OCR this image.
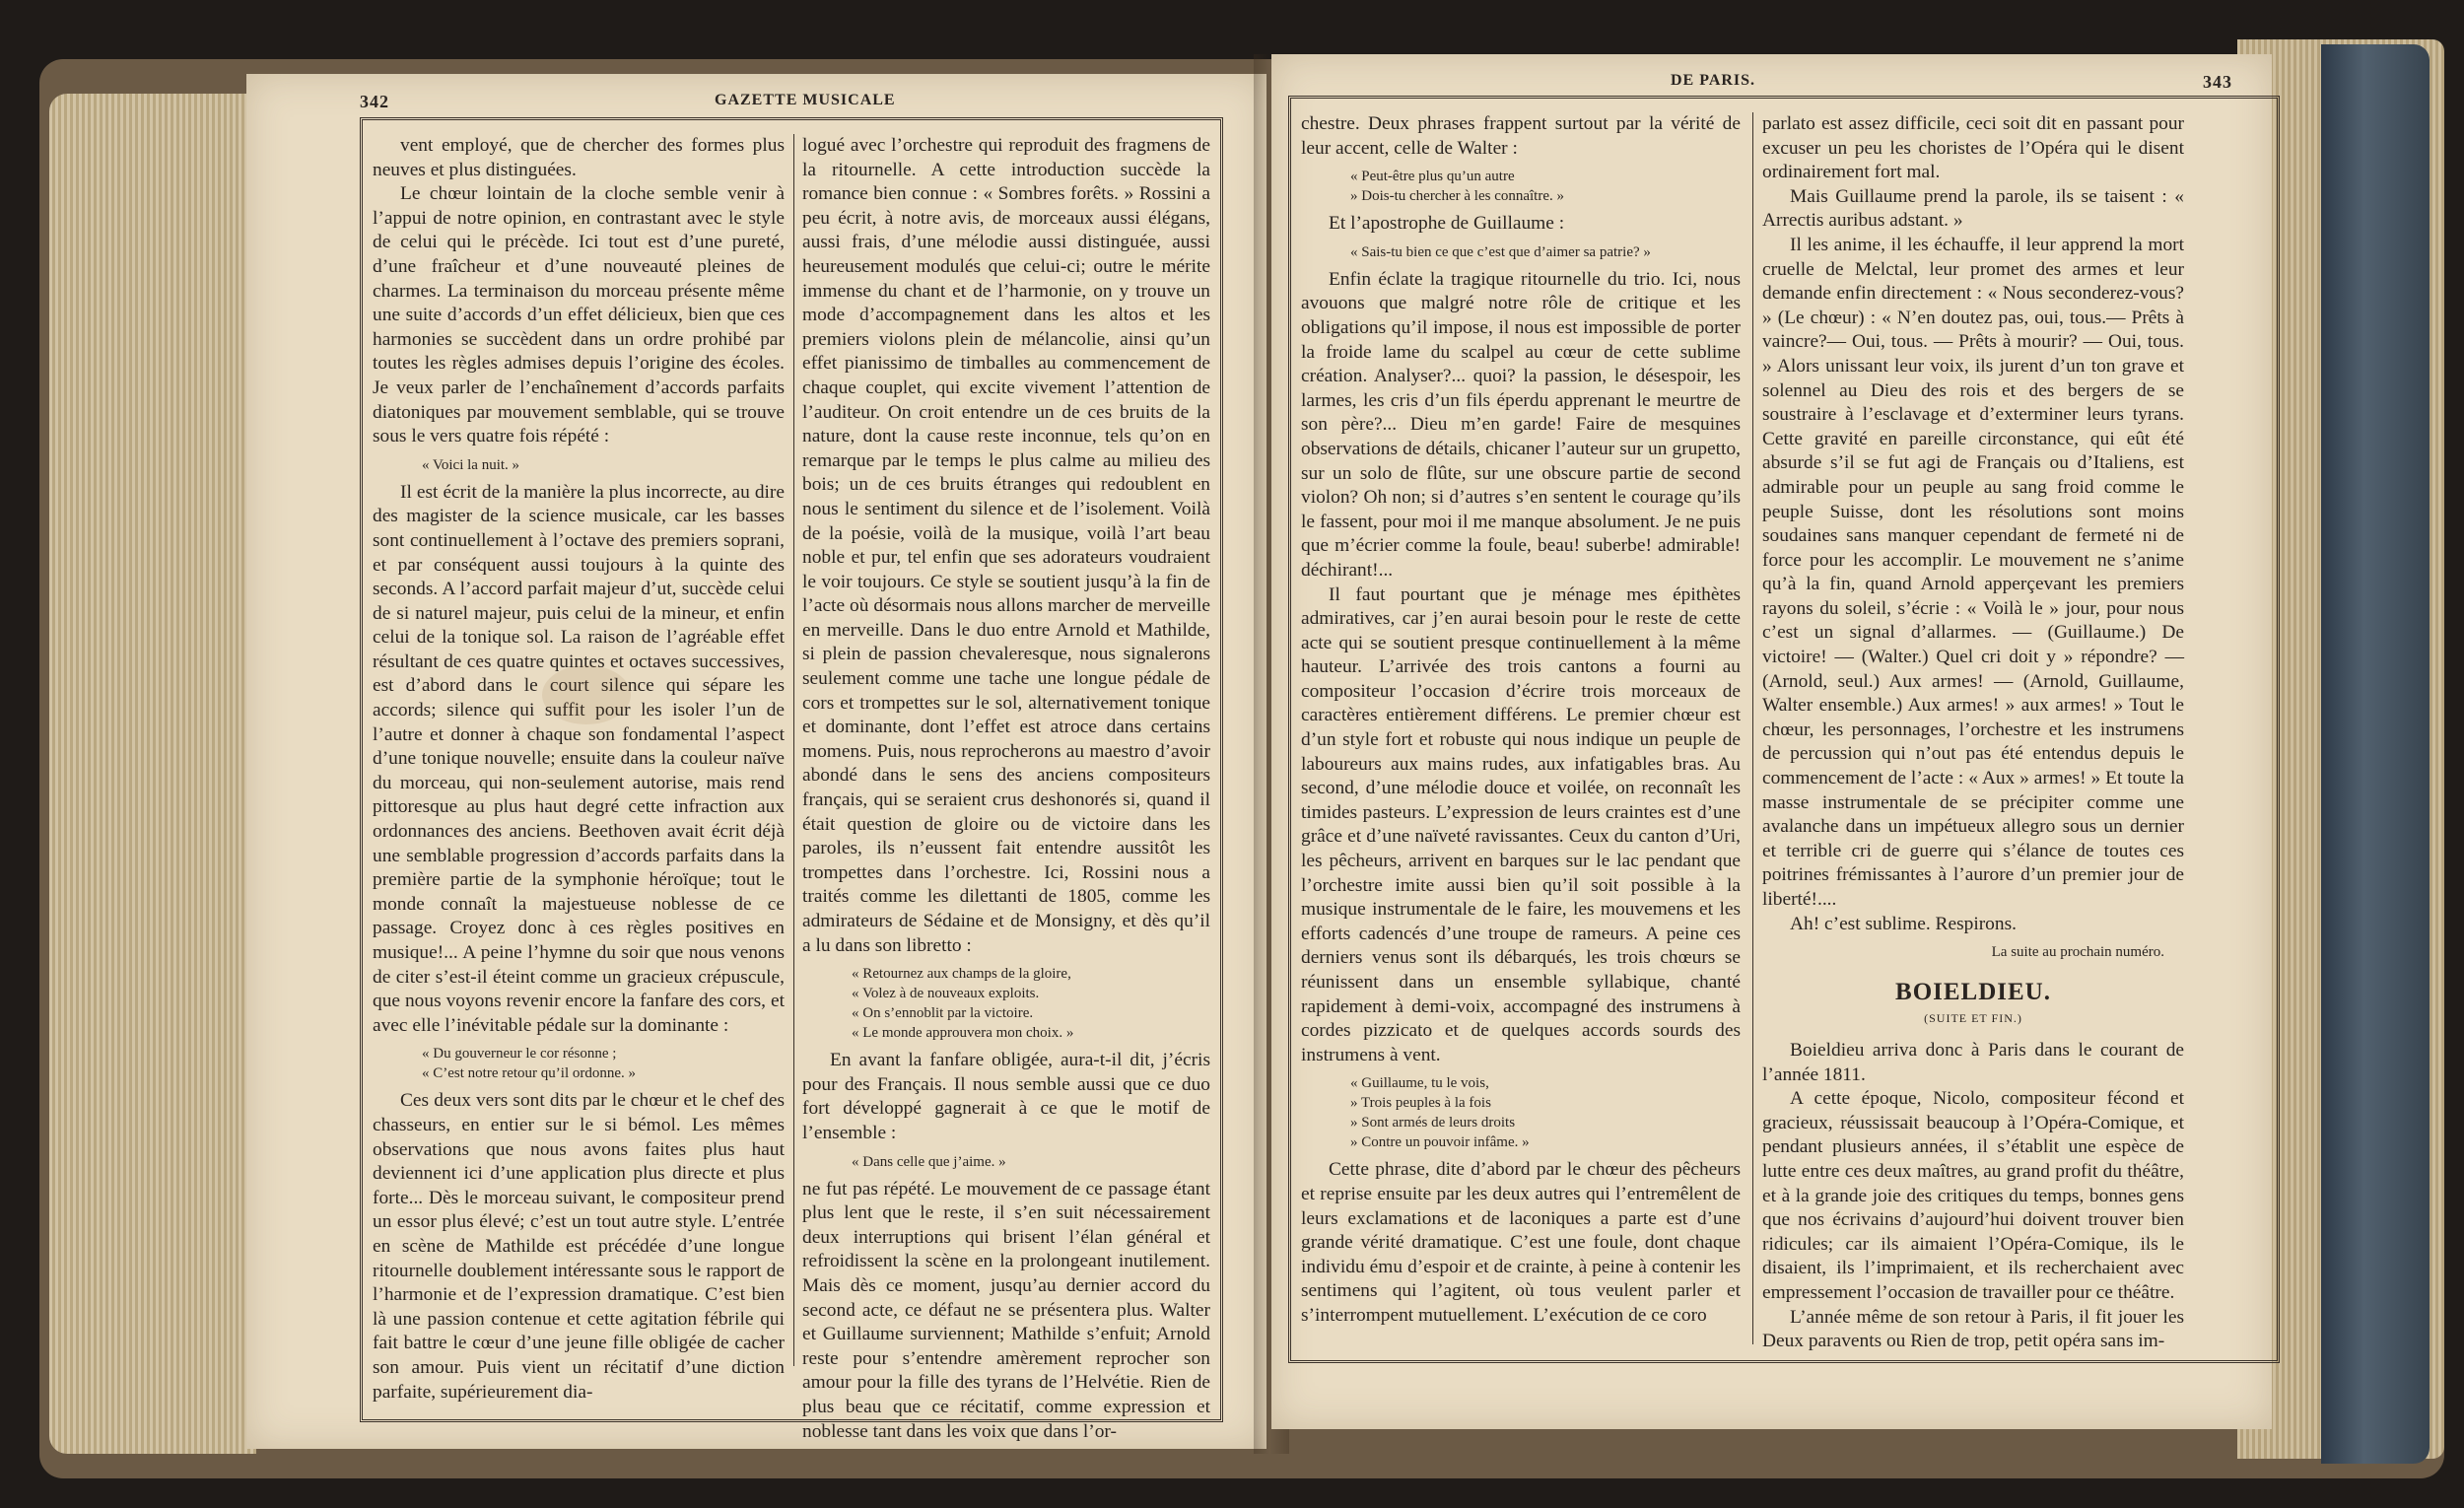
342	GAZETTE MUSICALE

vent employé, que de chercher des formes plus neuves et plus distinguées.

Le chœur lointain de la cloche semble venir à l’appui de notre opinion, en contrastant avec le style de celui qui le précède. Ici tout est d’une pureté, d’une fraîcheur et d’une nouveauté pleines de charmes. La terminaison du morceau présente même une suite d’accords d’un effet délicieux, bien que ces harmonies se succèdent dans un ordre prohibé par toutes les règles admises depuis l’origine des écoles. Je veux parler de l’enchaînement d’accords parfaits diatoniques par mouvement semblable, qui se trouve sous le vers quatre fois répété :

« Voici la nuit. »

Il est écrit de la manière la plus incorrecte, au dire des magister de la science musicale, car les basses sont continuellement à l’octave des premiers soprani, et par conséquent aussi toujours à la quinte des seconds. A l’accord parfait majeur d’ut, succède celui de si naturel majeur, puis celui de la mineur, et enfin celui de la tonique sol. La raison de l’agréable effet résultant de ces quatre quintes et octaves successives, est d’abord dans le court silence qui sépare les accords; silence qui suffit pour les isoler l’un de l’autre et donner à chaque son fondamental l’aspect d’une tonique nouvelle; ensuite dans la couleur naïve du morceau, qui non-seulement autorise, mais rend pittoresque au plus haut degré cette infraction aux ordonnances des anciens. Beethoven avait écrit déjà une semblable progression d’accords parfaits dans la première partie de la symphonie héroïque; tout le monde connaît la majestueuse noblesse de ce passage. Croyez donc à ces règles positives en musique!... A peine l’hymne du soir que nous venons de citer s’est-il éteint comme un gracieux crépuscule, que nous voyons revenir encore la fanfare des cors, et avec elle l’inévitable pédale sur la dominante :

« Du gouverneur le cor résonne ;
« C’est notre retour qu’il ordonne. »

Ces deux vers sont dits par le chœur et le chef des chasseurs, en entier sur le si bémol. Les mêmes observations que nous avons faites plus haut deviennent ici d’une application plus directe et plus forte... Dès le morceau suivant, le compositeur prend un essor plus élevé; c’est un tout autre style. L’entrée en scène de Mathilde est précédée d’une longue ritournelle doublement intéressante sous le rapport de l’harmonie et de l’expression dramatique. C’est bien là une passion contenue et cette agitation fébrile qui fait battre le cœur d’une jeune fille obligée de cacher son amour. Puis vient un récitatif d’une diction parfaite, supérieurement dia-

logué avec l’orchestre qui reproduit des fragmens de la ritournelle. A cette introduction succède la romance bien connue : « Sombres forêts. » Rossini a peu écrit, à notre avis, de morceaux aussi élégans, aussi frais, d’une mélodie aussi distinguée, aussi heureusement modulés que celui-ci; outre le mérite immense du chant et de l’harmonie, on y trouve un mode d’accompagnement dans les altos et les premiers violons plein de mélancolie, ainsi qu’un effet pianissimo de timballes au commencement de chaque couplet, qui excite vivement l’attention de l’auditeur. On croit entendre un de ces bruits de la nature, dont la cause reste inconnue, tels qu’on en remarque par le temps le plus calme au milieu des bois; un de ces bruits étranges qui redoublent en nous le sentiment du silence et de l’isolement. Voilà de la poésie, voilà de la musique, voilà l’art beau noble et pur, tel enfin que ses adorateurs voudraient le voir toujours. Ce style se soutient jusqu’à la fin de l’acte où désormais nous allons marcher de merveille en merveille. Dans le duo entre Arnold et Mathilde, si plein de passion chevaleresque, nous signalerons seulement comme une tache une longue pédale de cors et trompettes sur le sol, alternativement tonique et dominante, dont l’effet est atroce dans certains momens. Puis, nous reprocherons au maestro d’avoir abondé dans le sens des anciens compositeurs français, qui se seraient crus deshonorés si, quand il était question de gloire ou de victoire dans les paroles, ils n’eussent fait entendre aussitôt les trompettes dans l’orchestre. Ici, Rossini nous a traités comme les dilettanti de 1805, comme les admirateurs de Sédaine et de Monsigny, et dès qu’il a lu dans son libretto :

« Retournez aux champs de la gloire,
« Volez à de nouveaux exploits.
« On s’ennoblit par la victoire.
« Le monde approuvera mon choix. »

En avant la fanfare obligée, aura-t-il dit, j’écris pour des Français. Il nous semble aussi que ce duo fort développé gagnerait à ce que le motif de l’ensemble :

« Dans celle que j’aime. »

ne fut pas répété. Le mouvement de ce passage étant plus lent que le reste, il s’en suit nécessairement deux interruptions qui brisent l’élan général et refroidissent la scène en la prolongeant inutilement. Mais dès ce moment, jusqu’au dernier accord du second acte, ce défaut ne se présentera plus. Walter et Guillaume surviennent; Mathilde s’enfuit; Arnold reste pour s’entendre amèrement reprocher son amour pour la fille des tyrans de l’Helvétie. Rien de plus beau que ce récitatif, comme expression et noblesse tant dans les voix que dans l’or-

DE PARIS.	343

chestre. Deux phrases frappent surtout par la vérité de leur accent, celle de Walter :

« Peut-être plus qu’un autre
» Dois-tu chercher à les connaître. »

Et l’apostrophe de Guillaume :

« Sais-tu bien ce que c’est que d’aimer sa patrie? »

Enfin éclate la tragique ritournelle du trio. Ici, nous avouons que malgré notre rôle de critique et les obligations qu’il impose, il nous est impossible de porter la froide lame du scalpel au cœur de cette sublime création. Analyser?... quoi? la passion, le désespoir, les larmes, les cris d’un fils éperdu apprenant le meurtre de son père?... Dieu m’en garde! Faire de mesquines observations de détails, chicaner l’auteur sur un grupetto, sur un solo de flûte, sur une obscure partie de second violon? Oh non; si d’autres s’en sentent le courage qu’ils le fassent, pour moi il me manque absolument. Je ne puis que m’écrier comme la foule, beau! suberbe! admirable! déchirant!...

Il faut pourtant que je ménage mes épithètes admiratives, car j’en aurai besoin pour le reste de cette acte qui se soutient presque continuellement à la même hauteur. L’arrivée des trois cantons a fourni au compositeur l’occasion d’écrire trois morceaux de caractères entièrement différens. Le premier chœur est d’un style fort et robuste qui nous indique un peuple de laboureurs aux mains rudes, aux infatigables bras. Au second, d’une mélodie douce et voilée, on reconnaît les timides pasteurs. L’expression de leurs craintes est d’une grâce et d’une naïveté ravissantes. Ceux du canton d’Uri, les pêcheurs, arrivent en barques sur le lac pendant que l’orchestre imite aussi bien qu’il soit possible à la musique instrumentale de le faire, les mouvemens et les efforts cadencés d’une troupe de rameurs. A peine ces derniers venus sont ils débarqués, les trois chœurs se réunissent dans un ensemble syllabique, chanté rapidement à demi-voix, accompagné des instrumens à cordes pizzicato et de quelques accords sourds des instrumens à vent.

« Guillaume, tu le vois,
» Trois peuples à la fois
» Sont armés de leurs droits
» Contre un pouvoir infâme. »

Cette phrase, dite d’abord par le chœur des pêcheurs et reprise ensuite par les deux autres qui l’entremêlent de leurs exclamations et de laconiques a parte est d’une grande vérité dramatique. C’est une foule, dont chaque individu ému d’espoir et de crainte, à peine à contenir les sentimens qui l’agitent, où tous veulent parler et s’interrompent mutuellement. L’exécution de ce coro

parlato est assez difficile, ceci soit dit en passant pour excuser un peu les choristes de l’Opéra qui le disent ordinairement fort mal.

Mais Guillaume prend la parole, ils se taisent : « Arrectis auribus adstant. »

Il les anime, il les échauffe, il leur apprend la mort cruelle de Melctal, leur promet des armes et leur demande enfin directement : « Nous seconderez-vous? » (Le chœur) : « N’en doutez pas, oui, tous.— Prêts à vaincre?— Oui, tous. — Prêts à mourir? — Oui, tous. » Alors unissant leur voix, ils jurent d’un ton grave et solennel au Dieu des rois et des bergers de se soustraire à l’esclavage et d’exterminer leurs tyrans. Cette gravité en pareille circonstance, qui eût été absurde s’il se fut agi de Français ou d’Italiens, est admirable pour un peuple au sang froid comme le peuple Suisse, dont les résolutions sont moins soudaines sans manquer cependant de fermeté ni de force pour les accomplir. Le mouvement ne s’anime qu’à la fin, quand Arnold apperçevant les premiers rayons du soleil, s’écrie : « Voilà le » jour, pour nous c’est un signal d’allarmes. — (Guillaume.) De victoire! — (Walter.) Quel cri doit y » répondre? — (Arnold, seul.) Aux armes! — (Arnold, Guillaume, Walter ensemble.) Aux armes! » aux armes! » Tout le chœur, les personnages, l’orchestre et les instrumens de percussion qui n’out pas été entendus depuis le commencement de l’acte : « Aux » armes! » Et toute la masse instrumentale de se précipiter comme une avalanche dans un impétueux allegro sous un dernier et terrible cri de guerre qui s’élance de toutes ces poitrines frémissantes à l’aurore d’un premier jour de liberté!....

Ah! c’est sublime. Respirons.

La suite au prochain numéro.

BOIELDIEU.

(SUITE ET FIN.)

Boieldieu arriva donc à Paris dans le courant de l’année 1811.

A cette époque, Nicolo, compositeur fécond et gracieux, réussissait beaucoup à l’Opéra-Comique, et pendant plusieurs années, il s’établit une espèce de lutte entre ces deux maîtres, au grand profit du théâtre, et à la grande joie des critiques du temps, bonnes gens que nos écrivains d’aujourd’hui doivent trouver bien ridicules; car ils aimaient l’Opéra-Comique, ils le disaient, ils l’imprimaient, et ils recherchaient avec empressement l’occasion de travailler pour ce théâtre.

L’année même de son retour à Paris, il fit jouer les Deux paravents ou Rien de trop, petit opéra sans im-
